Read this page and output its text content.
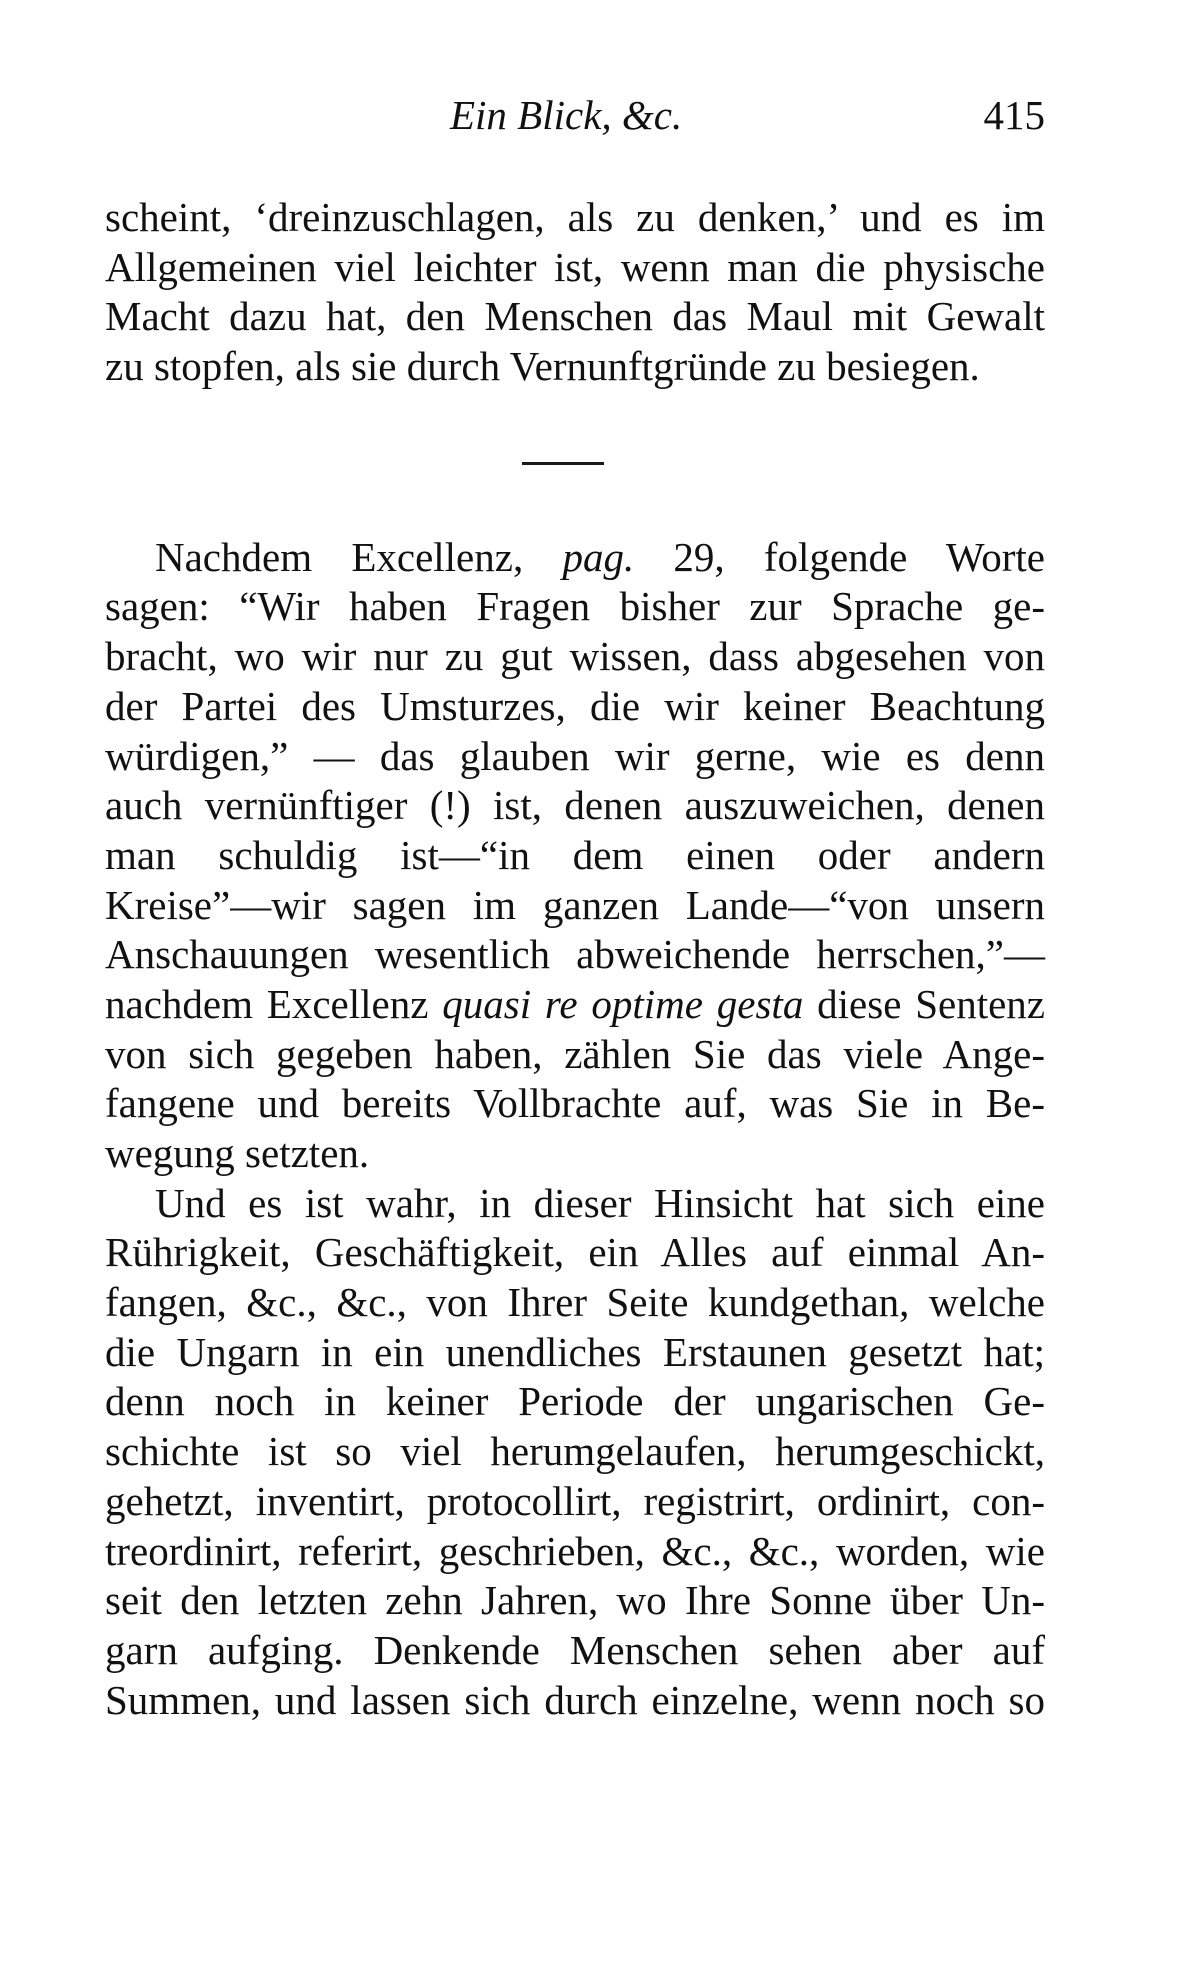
Ein Blick, &c.	415
scheint, ‘dreinzuschlagen, als zu denken,’ und es im
Allgemeinen viel leichter ist, wenn man die physische
Macht dazu hat, den Menschen das Maul mit Gewalt
zu stopfen, als sie durch Vernunftgründe zu besiegen.
Nachdem Excellenz, pag. 29, folgende Worte
sagen: “Wir haben Fragen bisher zur Sprache ge-
bracht, wo wir nur zu gut wissen, dass abgesehen von
der Partei des Umsturzes, die wir keiner Beachtung
würdigen,” — das glauben wir gerne, wie es denn
auch vernünftiger (!) ist, denen auszuweichen, denen
man schuldig ist—“in dem einen oder andern
Kreise”—wir sagen im ganzen Lande—“von unsern
Anschauungen wesentlich abweichende herrschen,”—
nachdem Excellenz quasi re optime gesta diese Sentenz
von sich gegeben haben, zählen Sie das viele Ange-
fangene und bereits Vollbrachte auf, was Sie in Be-
wegung setzten.
Und es ist wahr, in dieser Hinsicht hat sich eine
Rührigkeit, Geschäftigkeit, ein Alles auf einmal An-
fangen, &c., &c., von Ihrer Seite kundgethan, welche
die Ungarn in ein unendliches Erstaunen gesetzt hat;
denn noch in keiner Periode der ungarischen Ge-
schichte ist so viel herumgelaufen, herumgeschickt,
gehetzt, inventirt, protocollirt, registrirt, ordinirt, con-
treordinirt, referirt, geschrieben, &c., &c., worden, wie
seit den letzten zehn Jahren, wo Ihre Sonne über Un-
garn aufging. Denkende Menschen sehen aber auf
Summen, und lassen sich durch einzelne, wenn noch so
